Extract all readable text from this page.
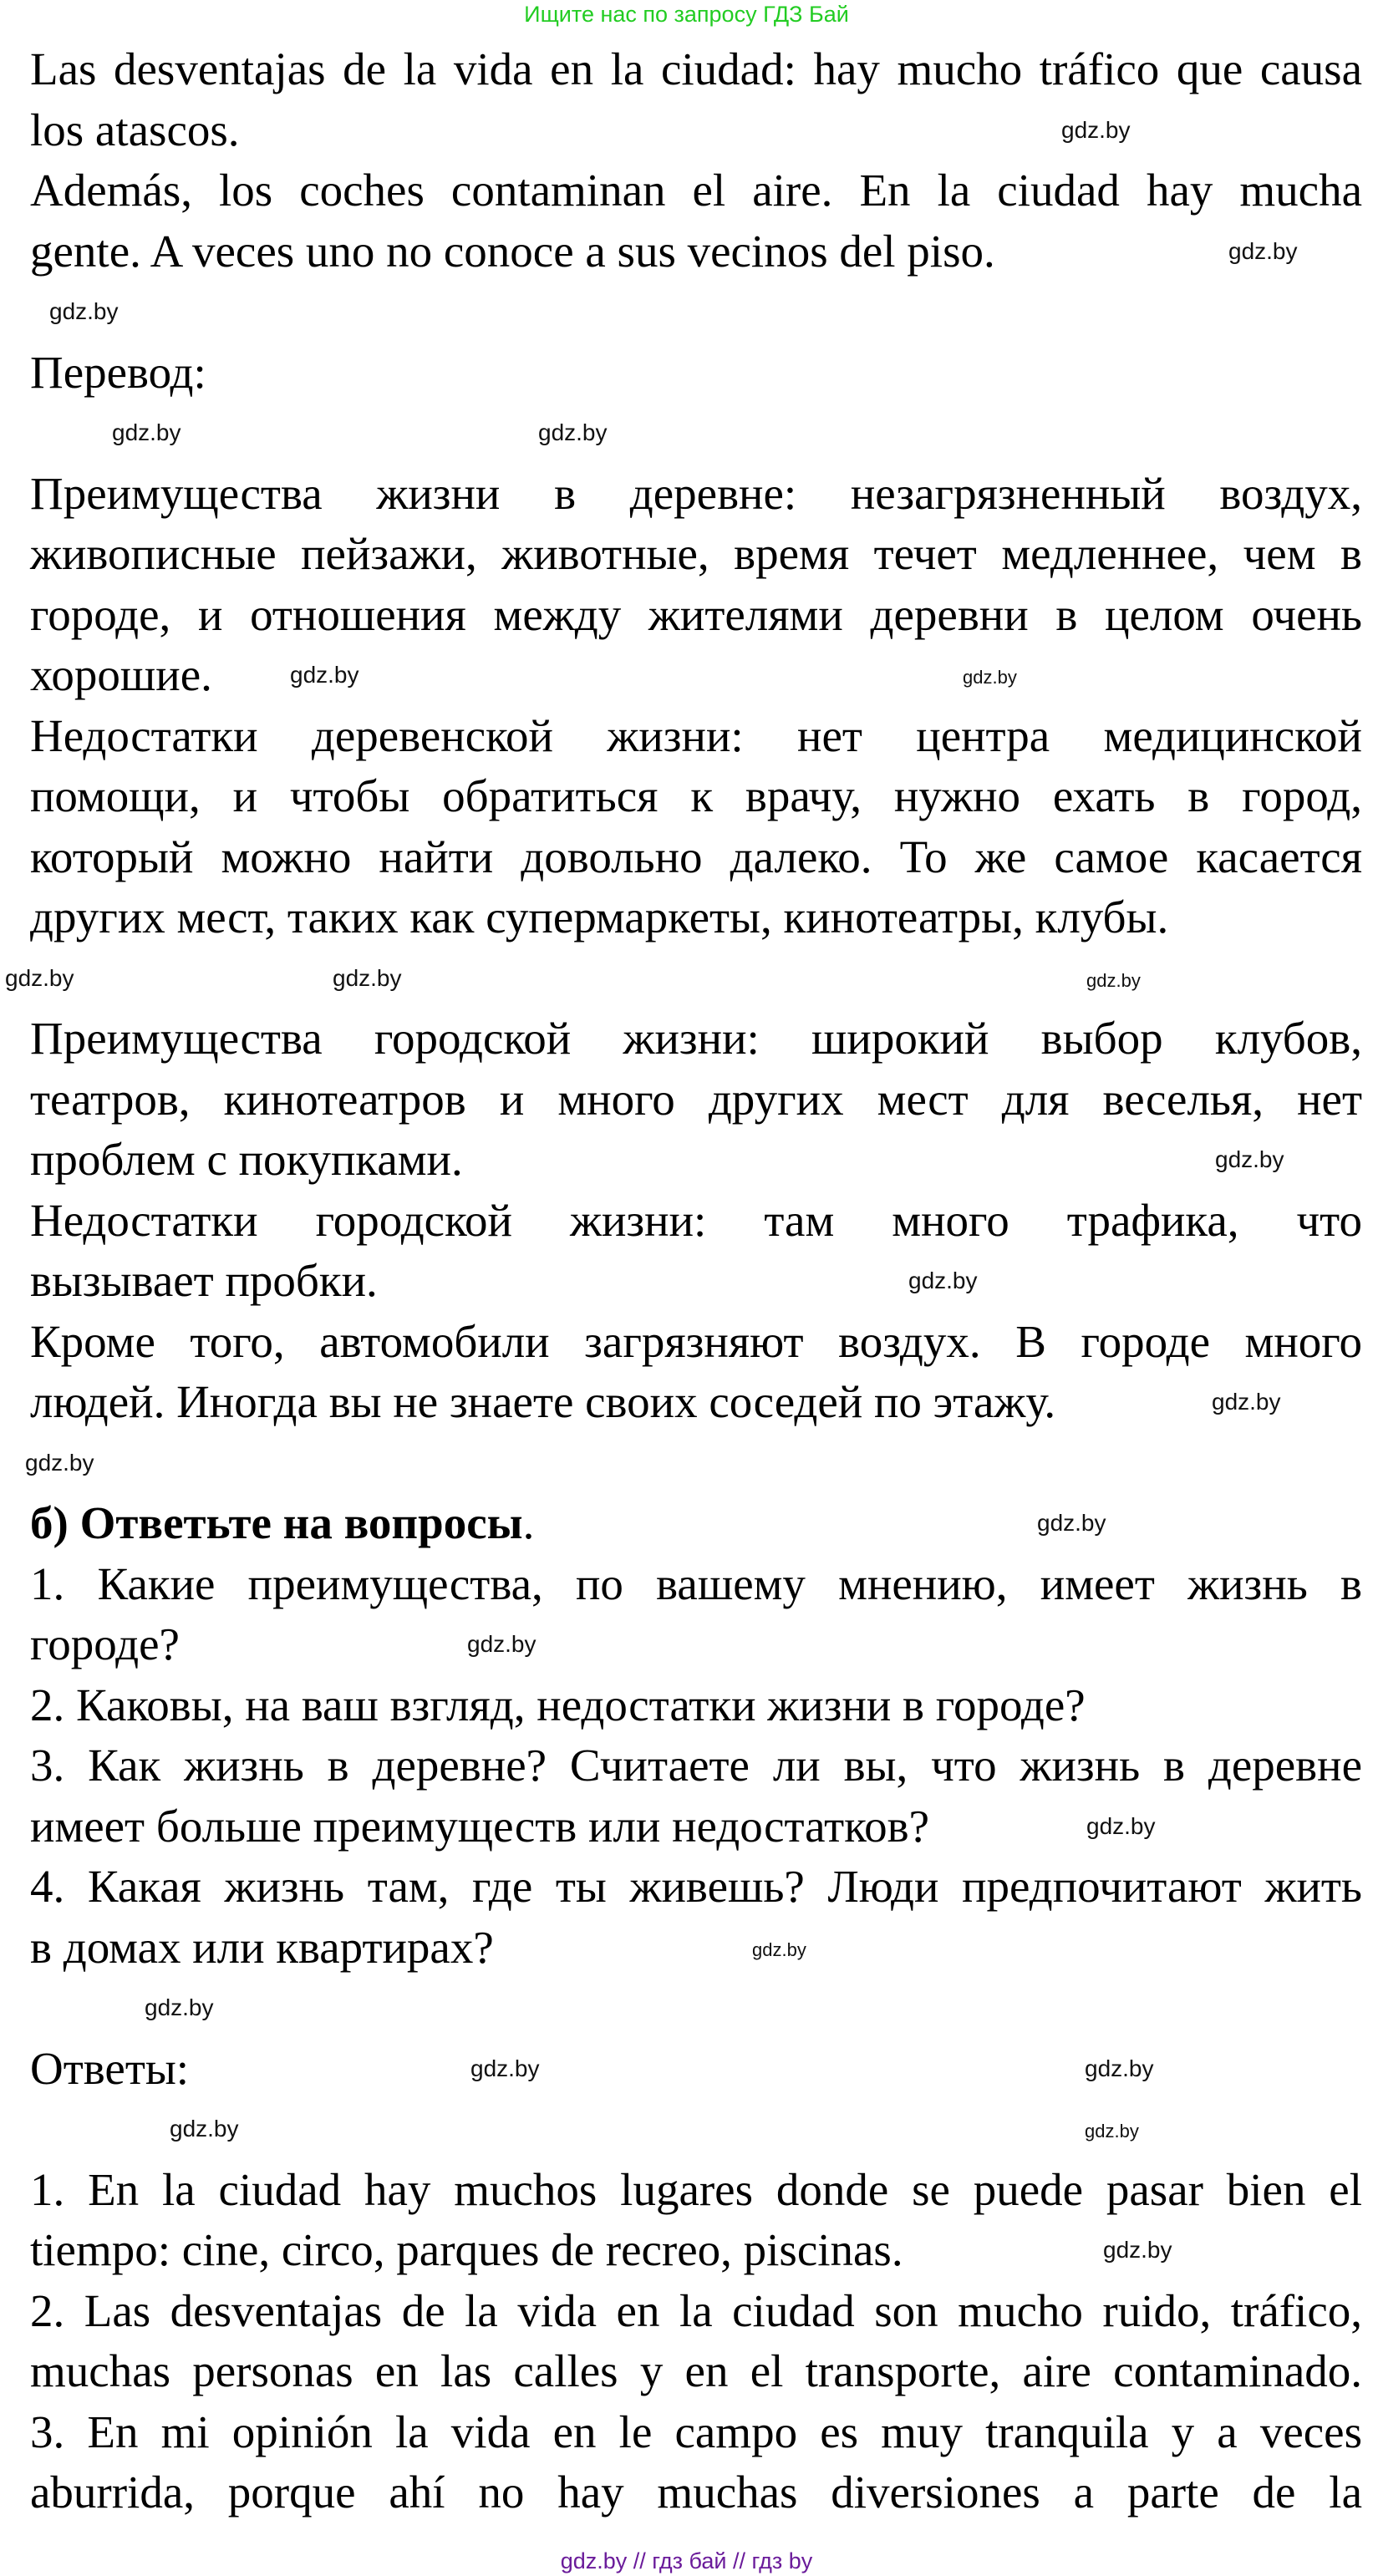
Ищите нас по запросу ГДЗ Бай
Las desventajas de la vida en la ciudad: hay mucho tráfico que causa
los atascos.
Además, los coches contaminan el aire. En la ciudad hay mucha
gente. A veces uno no conoce a sus vecinos del piso.
Перевод:
Преимущества жизни в деревне: незагрязненный воздух,
живописные пейзажи, животные, время течет медленнее, чем в
городе, и отношения между жителями деревни в целом очень
хорошие.
Недостатки деревенской жизни: нет центра медицинской
помощи, и чтобы обратиться к врачу, нужно ехать в город,
который можно найти довольно далеко. То же самое касается
других мест, таких как супермаркеты, кинотеатры, клубы.
Преимущества городской жизни: широкий выбор клубов,
театров, кинотеатров и много других мест для веселья, нет
проблем с покупками.
Недостатки городской жизни: там много трафика, что
вызывает пробки.
Кроме того, автомобили загрязняют воздух. В городе много
людей. Иногда вы не знаете своих соседей по этажу.
б) Ответьте на вопросы.
1. Какие преимущества, по вашему мнению, имеет жизнь в
городе?
2. Каковы, на ваш взгляд, недостатки жизни в городе?
3. Как жизнь в деревне? Считаете ли вы, что жизнь в деревне
имеет больше преимуществ или недостатков?
4. Какая жизнь там, где ты живешь? Люди предпочитают жить
в домах или квартирах?
Ответы:
1. En la ciudad hay muchos lugares donde se puede pasar bien el
tiempo: cine, circo, parques de recreo, piscinas.
2. Las desventajas de la vida en la ciudad son mucho ruido, tráfico,
muchas personas en las calles y en el transporte, aire contaminado.
3. En mi opinión la vida en le campo es muy tranquila y a veces
aburrida, porque ahí no hay muchas diversiones a parte de la
gdz.by
gdz.by
gdz.by
gdz.by
gdz.by
gdz.by
gdz.by
gdz.by
gdz.by	gdz.by
gdz.by
gdz.by
gdz.by
gdz.by
gdz.by
gdz.by
gdz.by
gdz.by
gdz.by
gdz.by
gdz.by
gdz.by
gdz.by
gdz.by
gdz.by // гдз бай // гдз by
